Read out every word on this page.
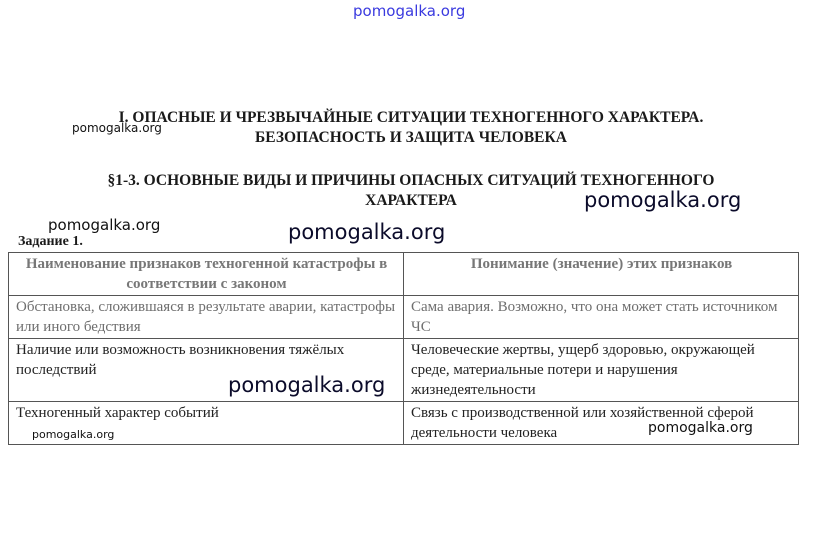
pomogalka.org
I. ОПАСНЫЕ И ЧРЕЗВЫЧАЙНЫЕ СИТУАЦИИ ТЕХНОГЕННОГО ХАРАКТЕРА.
БЕЗОПАСНОСТЬ И ЗАЩИТА ЧЕЛОВЕКА
§1-3. ОСНОВНЫЕ ВИДЫ И ПРИЧИНЫ ОПАСНЫХ СИТУАЦИЙ ТЕХНОГЕННОГО
ХАРАКТЕРА
Задание 1.
Наименование признаков техногенной катастрофы в соответствии с законом	Понимание (значение) этих признаков
Обстановка, сложившаяся в результате аварии, катастрофы или иного бедствия	Сама авария. Возможно, что она может стать источником ЧС
Наличие или возможность возникновения тяжёлых последствий	Человеческие жертвы, ущерб здоровью, окружающей среде, материальные потери и нарушения жизнедеятельности
Техногенный характер событий	Связь с производственной или хозяйственной сферой деятельности человека
pomogalka.org
pomogalka.org
pomogalka.org	pomogalka.org
pomogalka.org
pomogalka.org	pomogalka.org
